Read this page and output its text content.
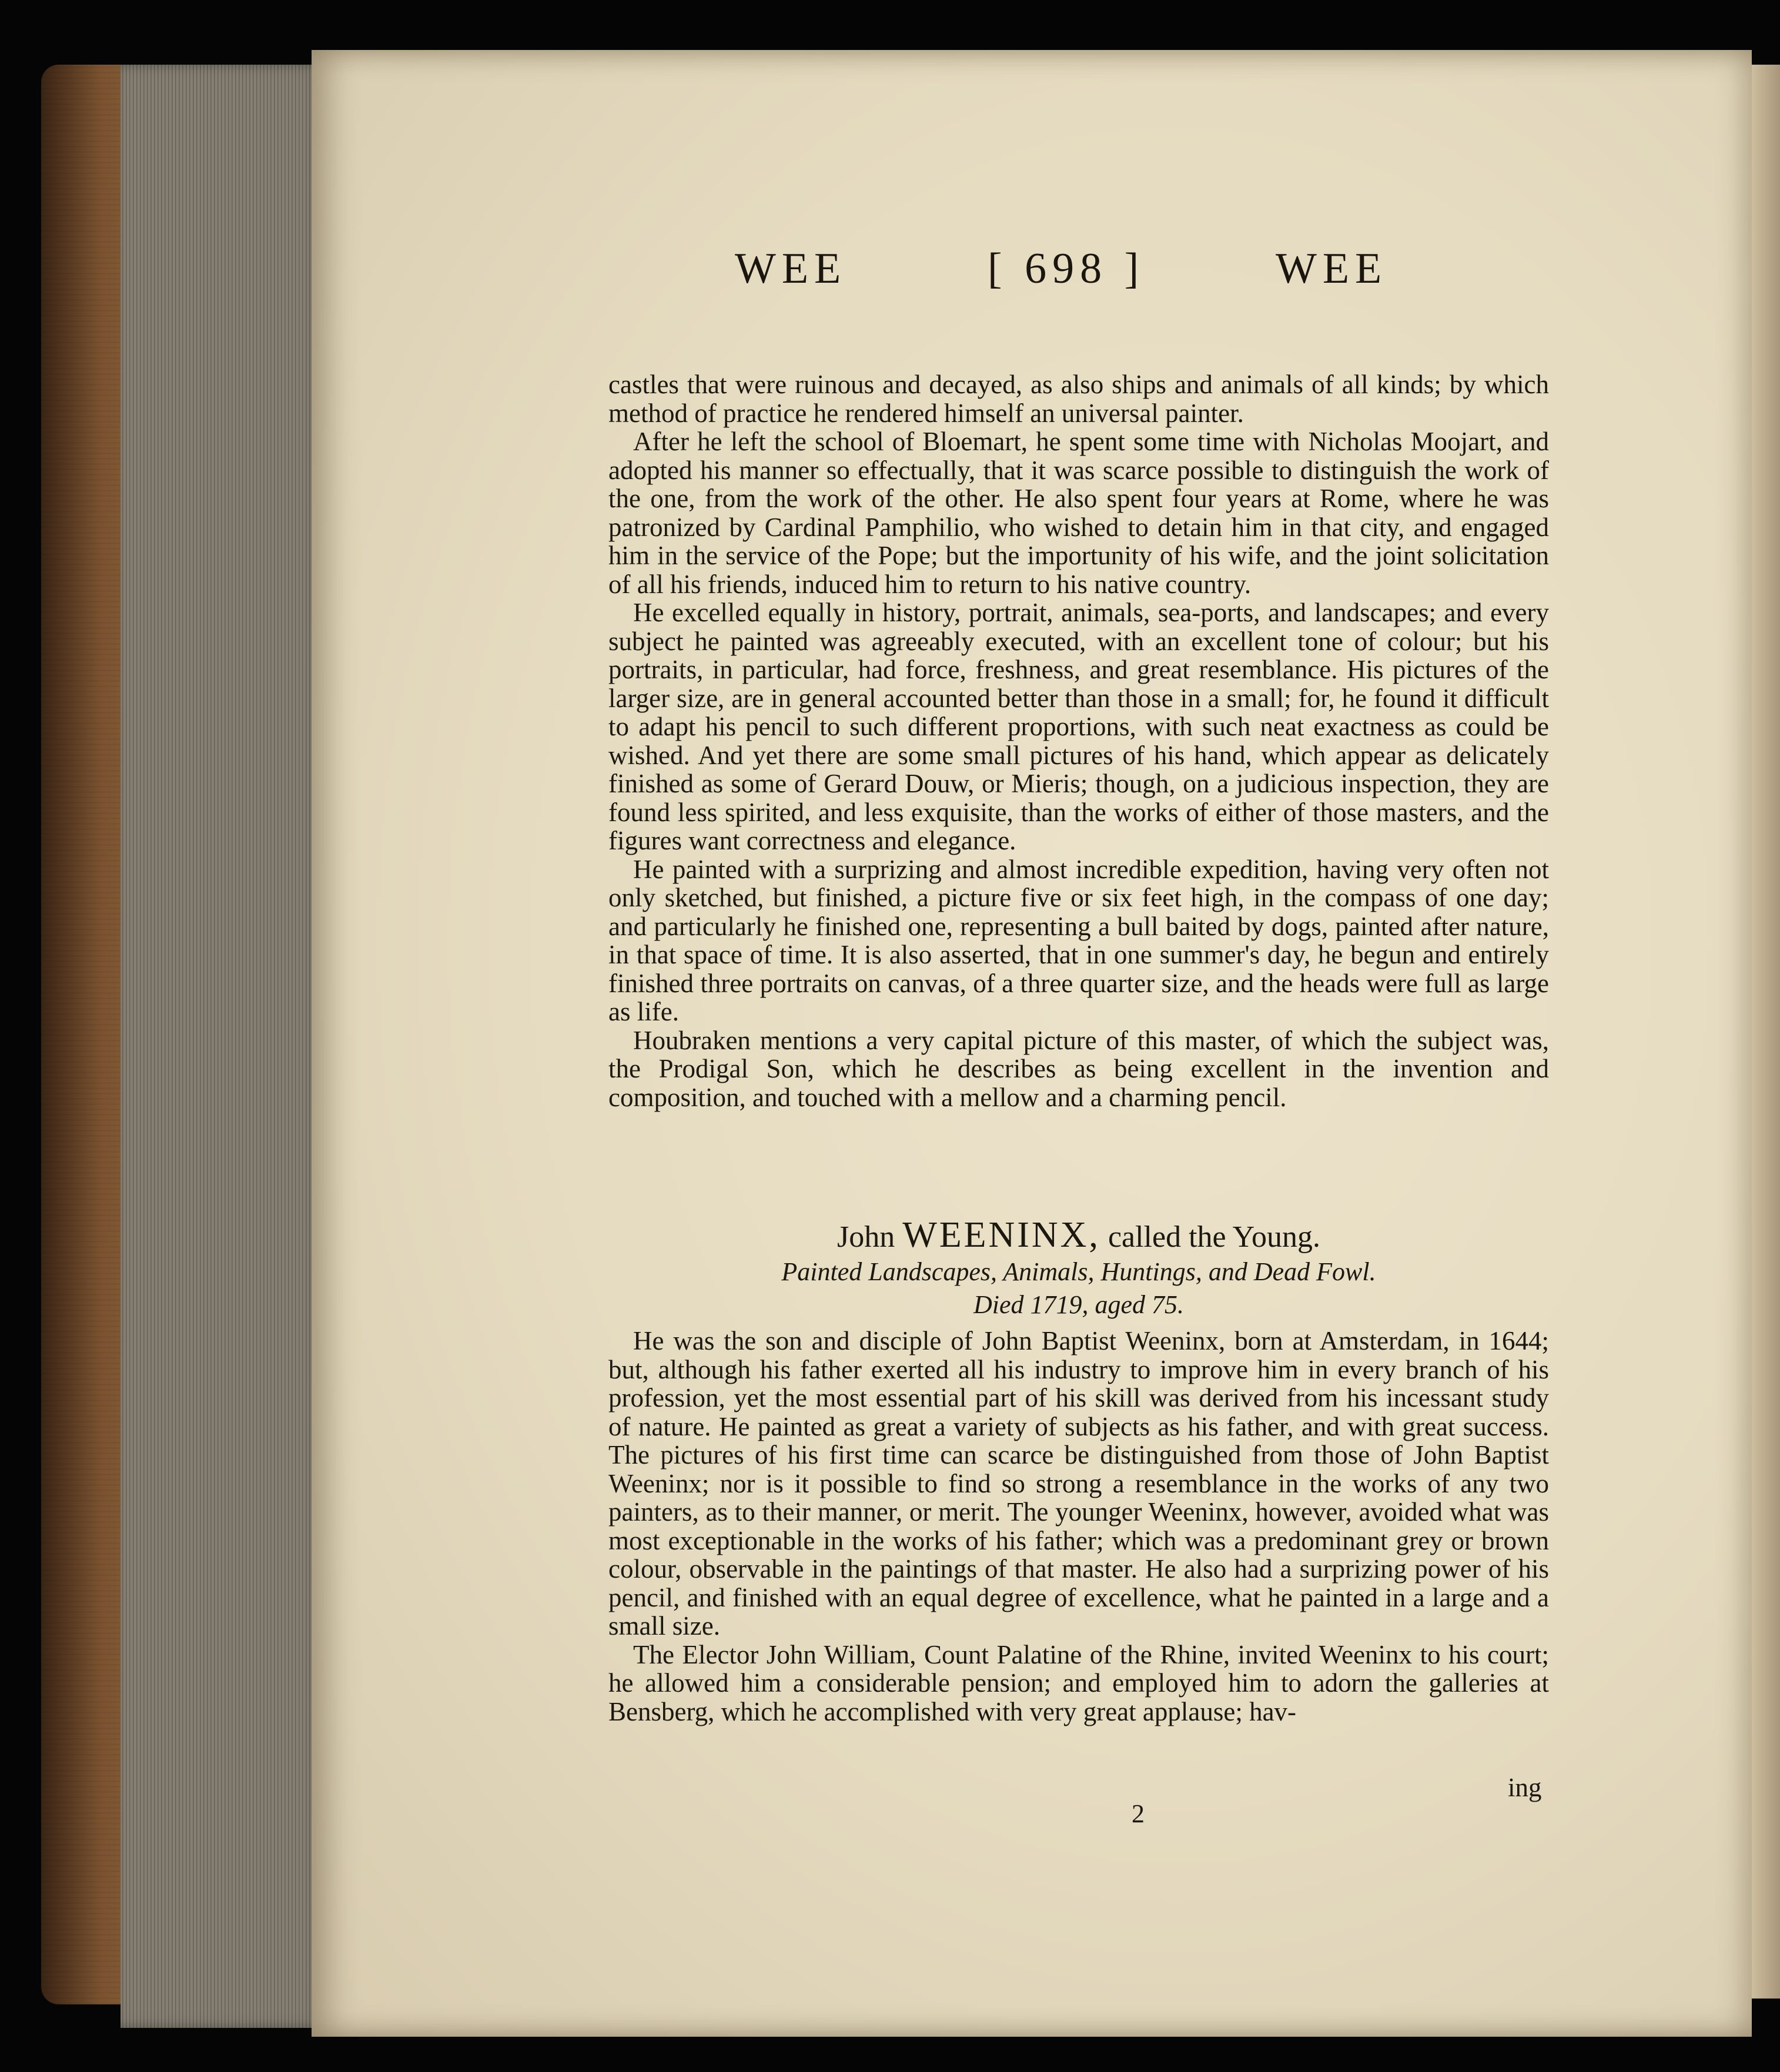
WEE	[ 698 ]	WEE

castles that were ruinous and decayed, as also ships and animals of all kinds; by which method of practice he rendered himself an universal painter.

After he left the school of Bloemart, he spent some time with Nicholas Moojart, and adopted his manner so effectually, that it was scarce possible to distinguish the work of the one, from the work of the other. He also spent four years at Rome, where he was patronized by Cardinal Pamphilio, who wished to detain him in that city, and engaged him in the service of the Pope; but the importunity of his wife, and the joint solicitation of all his friends, induced him to return to his native country.

He excelled equally in history, portrait, animals, sea-ports, and landscapes; and every subject he painted was agreeably executed, with an excellent tone of colour; but his portraits, in particular, had force, freshness, and great resemblance. His pictures of the larger size, are in general accounted better than those in a small; for, he found it difficult to adapt his pencil to such different proportions, with such neat exactness as could be wished. And yet there are some small pictures of his hand, which appear as delicately finished as some of Gerard Douw, or Mieris; though, on a judicious inspection, they are found less spirited, and less exquisite, than the works of either of those masters, and the figures want correctness and elegance.

He painted with a surprizing and almost incredible expedition, having very often not only sketched, but finished, a picture five or six feet high, in the compass of one day; and particularly he finished one, representing a bull baited by dogs, painted after nature, in that space of time. It is also asserted, that in one summer's day, he begun and entirely finished three portraits on canvas, of a three quarter size, and the heads were full as large as life.

Houbraken mentions a very capital picture of this master, of which the subject was, the Prodigal Son, which he describes as being excellent in the invention and composition, and touched with a mellow and a charming pencil.

John WEENINX, called the Young.
Painted Landscapes, Animals, Huntings, and Dead Fowl.
Died 1719, aged 75.

He was the son and disciple of John Baptist Weeninx, born at Amsterdam, in 1644; but, although his father exerted all his industry to improve him in every branch of his profession, yet the most essential part of his skill was derived from his incessant study of nature. He painted as great a variety of subjects as his father, and with great success. The pictures of his first time can scarce be distinguished from those of John Baptist Weeninx; nor is it possible to find so strong a resemblance in the works of any two painters, as to their manner, or merit. The younger Weeninx, however, avoided what was most exceptionable in the works of his father; which was a predominant grey or brown colour, observable in the paintings of that master. He also had a surprizing power of his pencil, and finished with an equal degree of excellence, what he painted in a large and a small size.

The Elector John William, Count Palatine of the Rhine, invited Weeninx to his court; he allowed him a considerable pension; and employed him to adorn the galleries at Bensberg, which he accomplished with very great applause; hav-

ing
2
